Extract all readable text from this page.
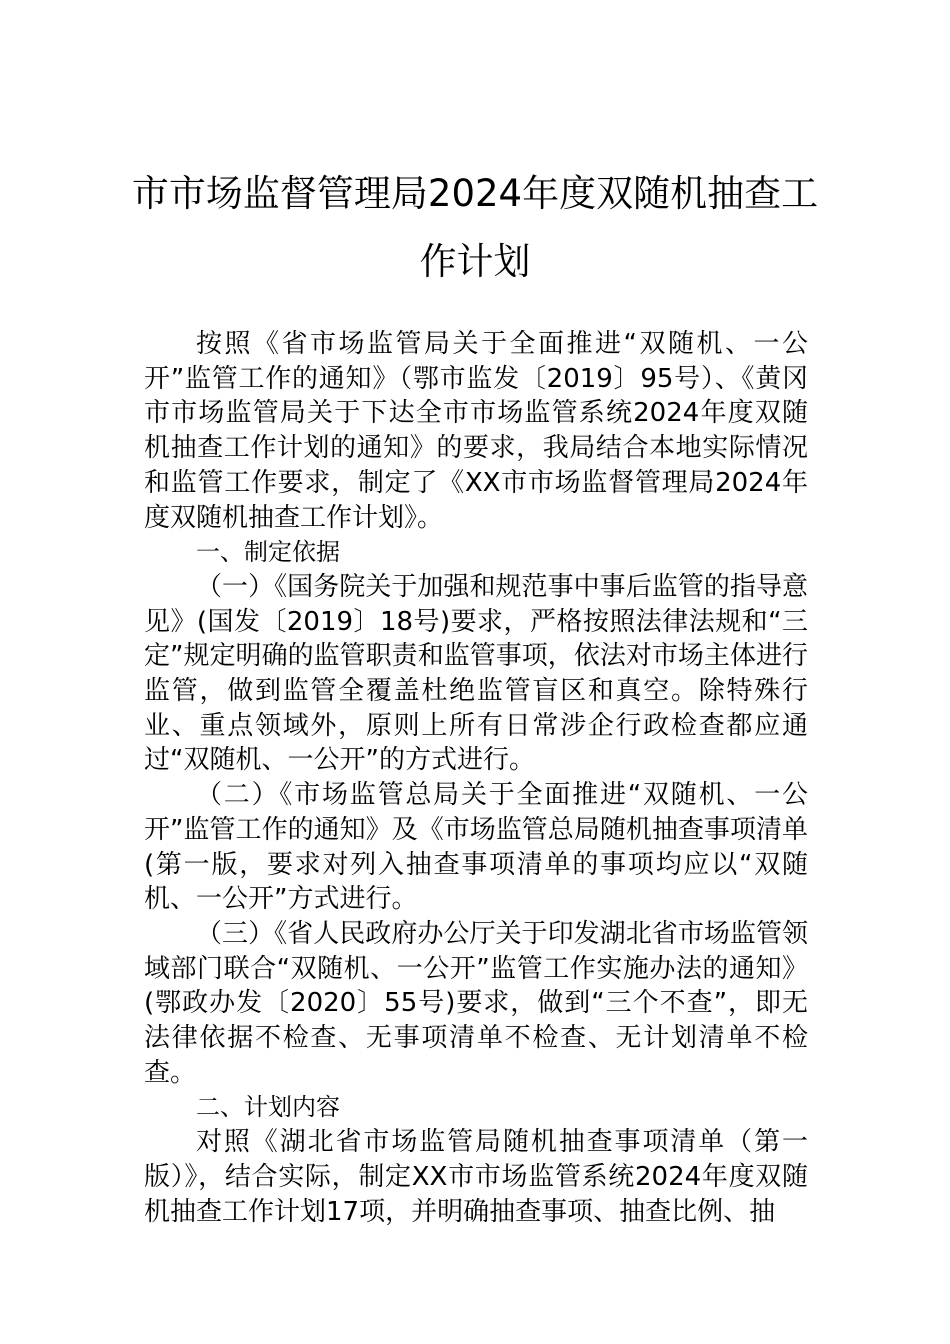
市市场监督管理局2024年度双随机抽查工
作计划

按照《省市场监管局关于全面推进“双随机、一公开”监管工作的通知》（鄂市监发〔2019〕95号）、《黄冈市市场监管局关于下达全市市场监管系统2024年度双随机抽查工作计划的通知》的要求，我局结合本地实际情况和监管工作要求，制定了《XX市市场监督管理局2024年度双随机抽查工作计划》。

一、制定依据

（一）《国务院关于加强和规范事中事后监管的指导意见》(国发〔2019〕18号)要求，严格按照法律法规和“三定”规定明确的监管职责和监管事项，依法对市场主体进行监管，做到监管全覆盖杜绝监管盲区和真空。除特殊行业、重点领域外，原则上所有日常涉企行政检查都应通过“双随机、一公开”的方式进行。

（二）《市场监管总局关于全面推进“双随机、一公开”监管工作的通知》及《市场监管总局随机抽查事项清单(第一版，要求对列入抽查事项清单的事项均应以“双随机、一公开”方式进行。

（三）《省人民政府办公厅关于印发湖北省市场监管领域部门联合“双随机、一公开”监管工作实施办法的通知》(鄂政办发〔2020〕55号)要求，做到“三个不查”，即无法律依据不检查、无事项清单不检查、无计划清单不检查。

二、计划内容

对照《湖北省市场监管局随机抽查事项清单（第一版）》，结合实际，制定XX市市场监管系统2024年度双随机抽查工作计划17项，并明确抽查事项、抽查比例、抽
